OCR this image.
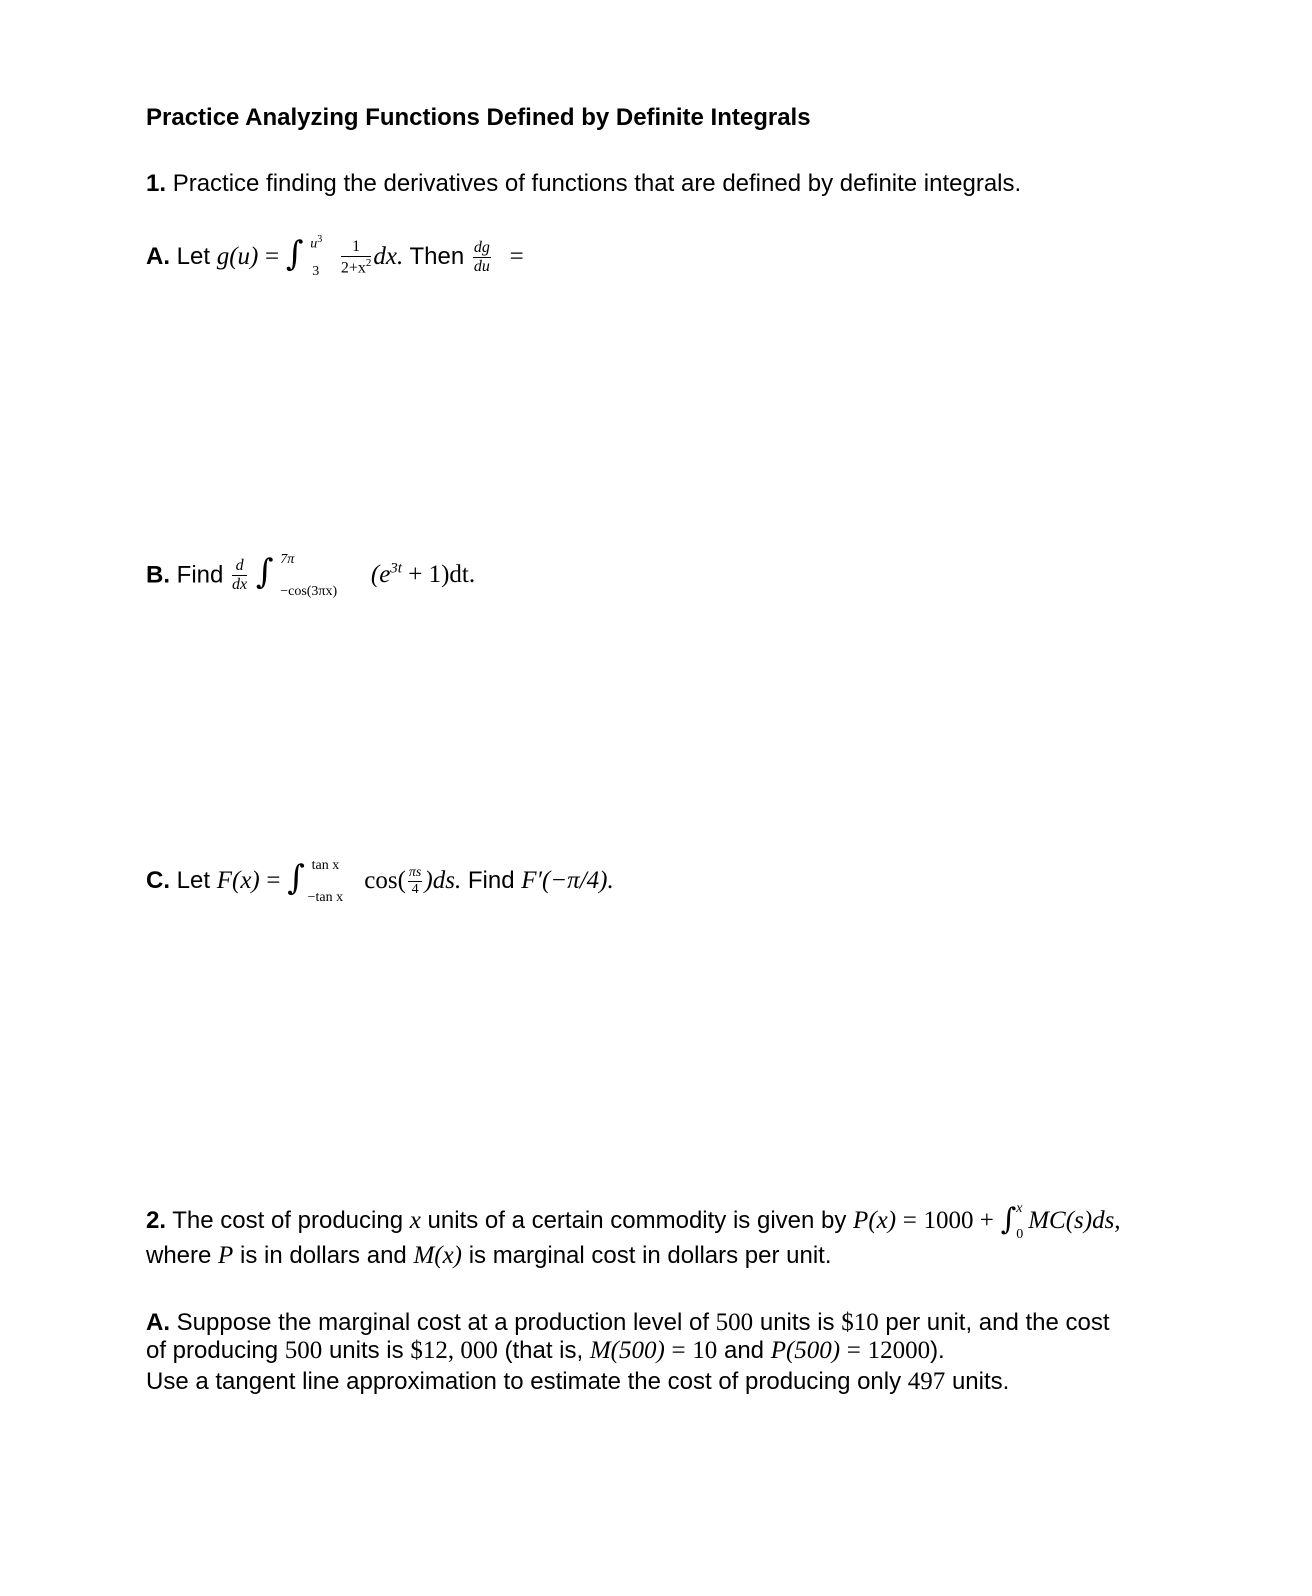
Practice Analyzing Functions Defined by Definite Integrals
1. Practice finding the derivatives of functions that are defined by definite integrals.
A. Let g(u) = ∫ $u^3$
3
$\frac{1}{2+x^2}$ dx. Then $\frac{dg}{du}$ =
B. Find $\frac{d}{dx}$ ∫ 7π
−cos(3πx)
$(e^{3t} + 1)dt$.
C. Let F(x) = ∫ tan x
−tan x
$\cos( \frac{\pi s}{4} )ds$. Find F′(−π/4).
2. The cost of producing x units of a certain commodity is given by P(x) = 1000 + ∫ x
0
MC(s)ds,
where P is in dollars and M(x) is marginal cost in dollars per unit.
A. Suppose the marginal cost at a production level of 500 units is $10 per unit, and the cost
of producing 500 units is $12, 000 (that is, M(500) = 10 and P(500) = 12000).
Use a tangent line approximation to estimate the cost of producing only 497 units.
